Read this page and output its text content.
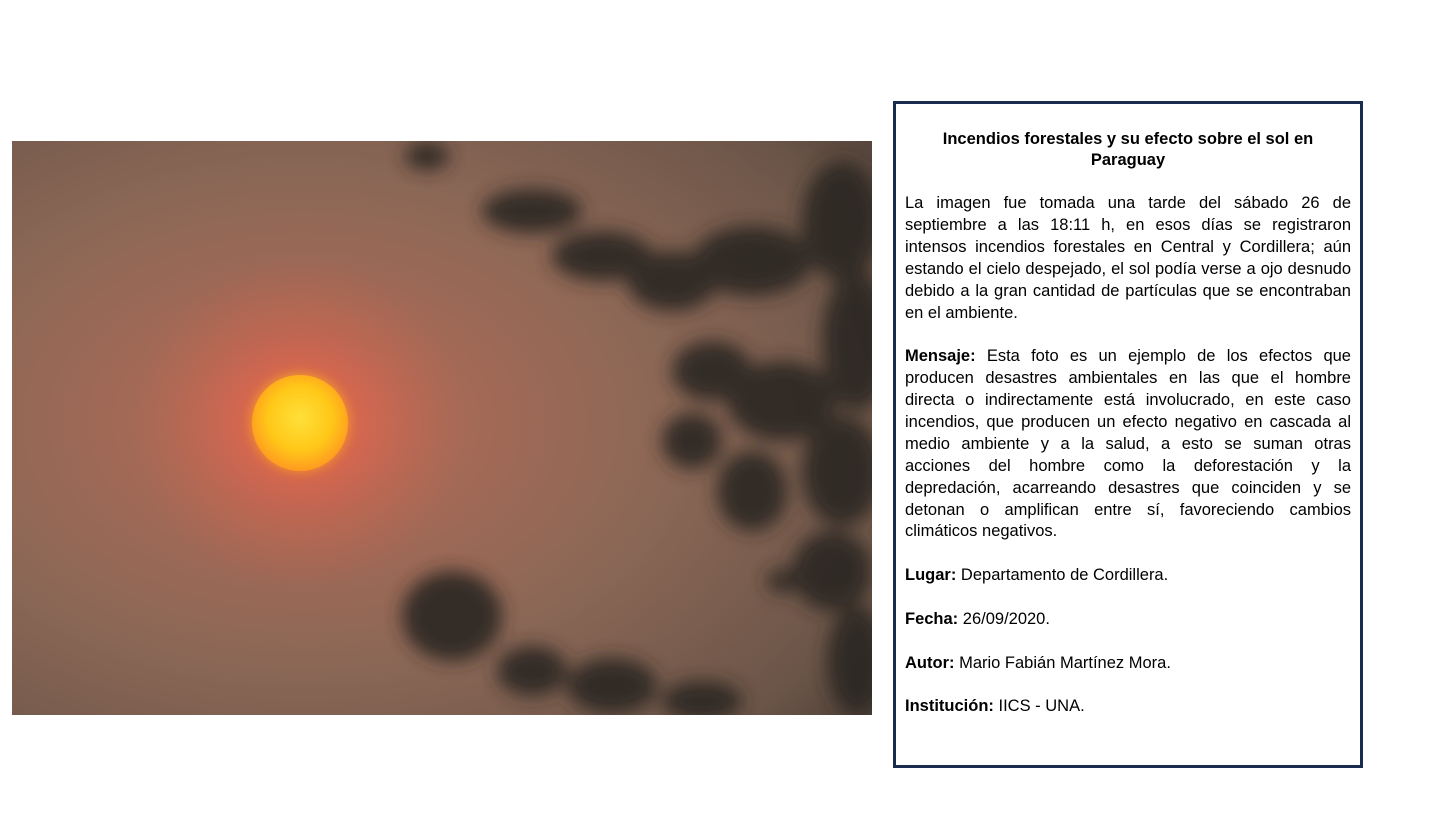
Incendios forestales y su efecto sobre el sol en Paraguay
La imagen fue tomada una tarde del sábado 26 de septiembre a las 18:11 h, en esos días se registraron intensos incendios forestales en Central y Cordillera; aún estando el cielo despejado, el sol podía verse a ojo desnudo debido a la gran cantidad de partículas que se encontraban en el ambiente.
Mensaje: Esta foto es un ejemplo de los efectos que producen desastres ambientales en las que el hombre directa o indirectamente está involucrado, en este caso incendios, que producen un efecto negativo en cascada al medio ambiente y a la salud, a esto se suman otras acciones del hombre como la deforestación y la depredación, acarreando desastres que coinciden y se detonan o amplifican entre sí, favoreciendo cambios climáticos negativos.
Lugar: Departamento de Cordillera.
Fecha: 26/09/2020.
Autor: Mario Fabián Martínez Mora.
Institución: IICS - UNA.
